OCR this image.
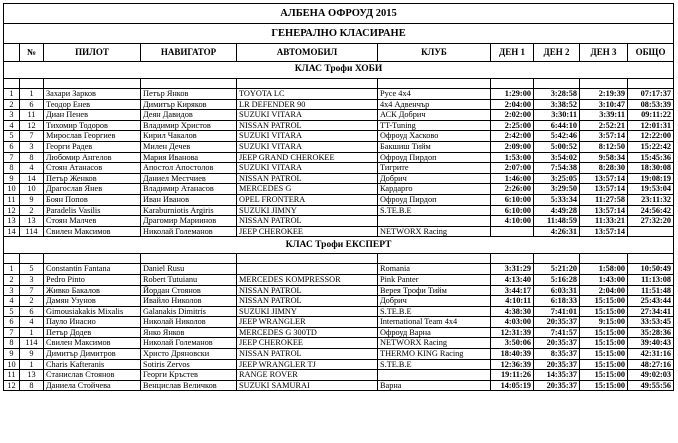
АЛБЕНА ОФРОУД 2015									
ГЕНЕРАЛНО КЛАСИРАНЕ									
	№	ПИЛОТ	НАВИГАТОР	АВТОМОБИЛ	КЛУБ	ДЕН 1	ДЕН 2	ДЕН 3	ОБЩО
КЛАС Трофи ХОБИ									

1	1	Захари Зарков	Петър Янков	TOYOTA LC	Русе 4x4	1:29:00	3:28:58	2:19:39	07:17:37
2	6	Теодор Енев	Димитър Киряков	LR DEFENDER 90	4x4 Адвенчър	2:04:00	3:38:52	3:10:47	08:53:39
3	11	Диан Пенев	Деян Давидов	SUZUKI VITARA	АСК Добрич	2:02:00	3:30:11	3:39:11	09:11:22
4	12	Тихомир Тодоров	Владимир Христов	NISSAN PATROL	TT-Tuning	2:25:00	6:44:10	2:52:21	12:01:31
5	7	Мирослав Георгиев	Кирил Чакалов	SUZUKI VITARA	Офроуд Хасково	2:42:00	5:42:46	3:57:14	12:22:00
6	3	Георги Радев	Милен Дечев	SUZUKI VITARA	Бакшиш Тийм	2:09:00	5:00:52	8:12:50	15:22:42
7	8	Любомир Ангелов	Мария Иванова	JEEP GRAND CHEROKEE	Офроуд Пирдоп	1:53:00	3:54:02	9:58:34	15:45:36
8	4	Стоян Атанасов	Апостол Апостолов	SUZUKI VITARA	Тигрите	2:07:00	7:54:38	8:28:30	18:30:08
9	14	Петър Женков	Даниел Местчиев	NISSAN PATROL	Добрич	1:46:00	3:25:05	13:57:14	19:08:19
10	10	Драгослав Янев	Владимир Атанасов	MERCEDES G	Кардарго	2:26:00	3:29:50	13:57:14	19:53:04
11	9	Боян Попов	Иван Иванов	OPEL FRONTERA	Офроуд Пирдоп	6:10:00	5:33:34	11:27:58	23:11:32
12	2	Paradelis Vasilis	Karaburniotis Argiris	SUZUKI JIMNY	S.TE.B.E	6:10:00	4:49:28	13:57:14	24:56:42
13	13	Стоян Малчев	Драгомир Мариинов	NISSAN PATROL		4:10:00	11:48:59	11:33:21	27:32:20
14	114	Свилен Максимов	Николай Големанов	JEEP CHEROKEE	NETWORX Racing		4:26:31	13:57:14	
КЛАС Трофи ЕКСПЕРТ									

1	5	Constantin Fantana	Daniel Rusu		Romania	3:31:29	5:21:20	1:58:00	10:50:49
2	3	Pedro Pinto	Robert Tutuianu	MERCEDES KOMPRESSOR	Pink Panter	4:13:40	5:16:28	1:43:00	11:13:08
3	7	Живко Бакалов	Йордан Стоянов	NISSAN PATROL	Верея Трофи Тийм	3:44:17	6:03:31	2:04:00	11:51:48
4	2	Дамян Узунов	Ивайло Николов	NISSAN PATROL	Добрич	4:10:11	6:18:33	15:15:00	25:43:44
5	6	Gimousiakakis Mixalis	Galanakis Dimitris	SUZUKI JIMNY	S.TE.B.E	4:38:30	7:41:01	15:15:00	27:34:41
6	4	Паулo Инасио	Николай Николов	JEEP WRANGLER	International Team 4x4	4:03:00	20:35:37	9:15:00	33:53:45
7	1	Петър Додев	Янко Янков	MERCEDES G 300TD	Офроуд Варна	12:31:39	7:41:57	15:15:00	35:28:36
8	114	Свилен Максимов	Николай Големанов	JEEP CHEROKEE	NETWORX Racing	3:50:06	20:35:37	15:15:00	39:40:43
9	9	Димитър Димитров	Христо Дряновски	NISSAN PATROL	THERMO KING Racing	18:40:39	8:35:37	15:15:00	42:31:16
10	1	Charis Kafteranis	Sotiris Zervos	JEEP WRANGLER TJ	S.TE.B.E	12:36:39	20:35:37	15:15:00	48:27:16
11	13	Станислав Стоянов	Георги Кръстев	RANGE ROVER		19:11:26	14:35:37	15:15:00	49:02:03
12	8	Даниела Стойчева	Венцислав Величков	SUZUKI SAMURAI	Варна	14:05:19	20:35:37	15:15:00	49:55:56
